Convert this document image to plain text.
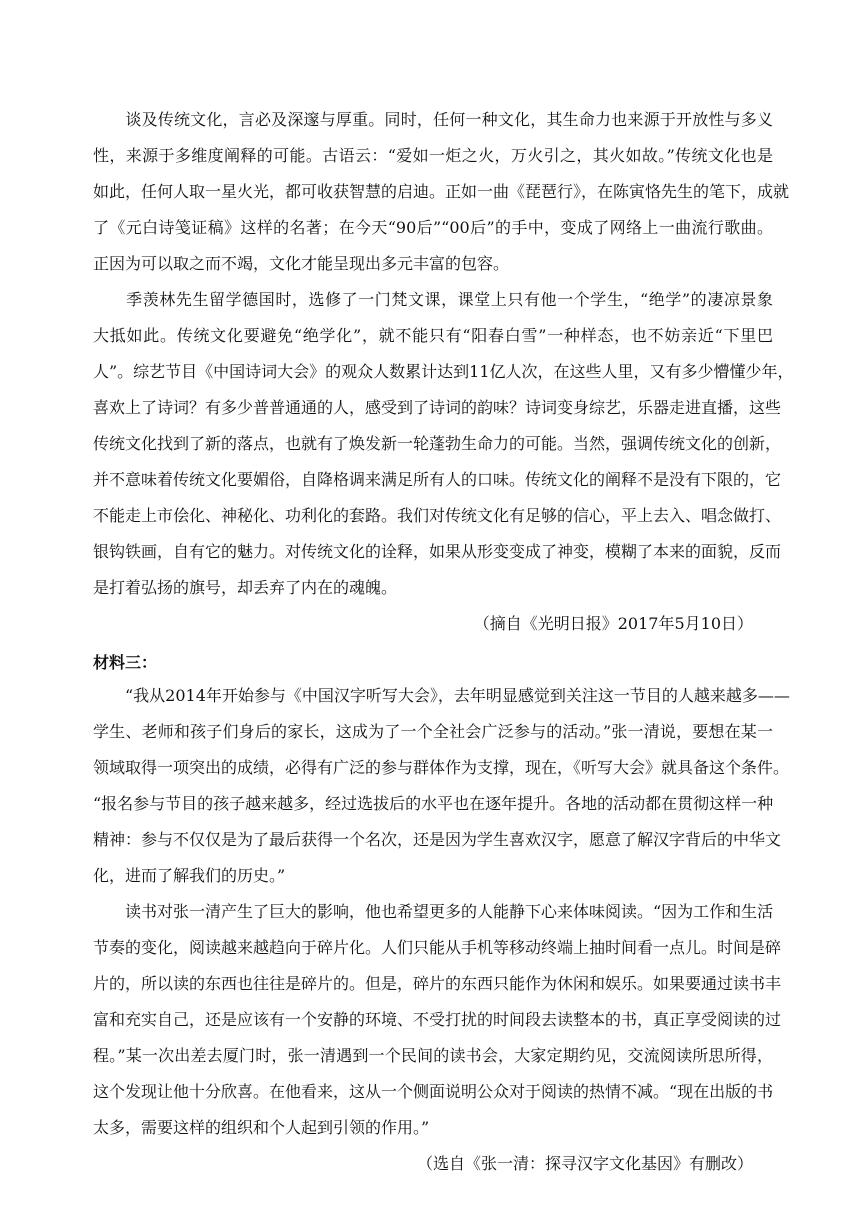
　　谈及传统文化，言必及深邃与厚重。同时，任何一种文化，其生命力也来源于开放性与多义
性，来源于多维度阐释的可能。古语云：“爱如一炬之火，万火引之，其火如故。”传统文化也是
如此，任何人取一星火光，都可收获智慧的启迪。正如一曲《琵琶行》，在陈寅恪先生的笔下，成就
了《元白诗笺证稿》这样的名著；在今天“90后”“00后”的手中，变成了网络上一曲流行歌曲。
正因为可以取之而不竭，文化才能呈现出多元丰富的包容。
　　季羡林先生留学德国时，选修了一门梵文课，课堂上只有他一个学生，“绝学”的凄凉景象
大抵如此。传统文化要避免“绝学化”，就不能只有“阳春白雪”一种样态，也不妨亲近“下里巴
人”。综艺节目《中国诗词大会》的观众人数累计达到11亿人次，在这些人里，又有多少懵懂少年，
喜欢上了诗词？有多少普普通通的人，感受到了诗词的韵味？诗词变身综艺，乐器走进直播，这些
传统文化找到了新的落点，也就有了焕发新一轮蓬勃生命力的可能。当然，强调传统文化的创新，
并不意味着传统文化要媚俗，自降格调来满足所有人的口味。传统文化的阐释不是没有下限的，它
不能走上市侩化、神秘化、功利化的套路。我们对传统文化有足够的信心，平上去入、唱念做打、
银钩铁画，自有它的魅力。对传统文化的诠释，如果从形变变成了神变，模糊了本来的面貌，反而
是打着弘扬的旗号，却丢弃了内在的魂魄。
（摘自《光明日报》2017年5月10日）
材料三：
　　“我从2014年开始参与《中国汉字听写大会》，去年明显感觉到关注这一节目的人越来越多——
学生、老师和孩子们身后的家长，这成为了一个全社会广泛参与的活动。”张一清说，要想在某一
领域取得一项突出的成绩，必得有广泛的参与群体作为支撑，现在，《听写大会》就具备这个条件。
“报名参与节目的孩子越来越多，经过选拔后的水平也在逐年提升。各地的活动都在贯彻这样一种
精神：参与不仅仅是为了最后获得一个名次，还是因为学生喜欢汉字，愿意了解汉字背后的中华文
化，进而了解我们的历史。”
　　读书对张一清产生了巨大的影响，他也希望更多的人能静下心来体味阅读。“因为工作和生活
节奏的变化，阅读越来越趋向于碎片化。人们只能从手机等移动终端上抽时间看一点儿。时间是碎
片的，所以读的东西也往往是碎片的。但是，碎片的东西只能作为休闲和娱乐。如果要通过读书丰
富和充实自己，还是应该有一个安静的环境、不受打扰的时间段去读整本的书，真正享受阅读的过
程。”某一次出差去厦门时，张一清遇到一个民间的读书会，大家定期约见，交流阅读所思所得，
这个发现让他十分欣喜。在他看来，这从一个侧面说明公众对于阅读的热情不减。“现在出版的书
太多，需要这样的组织和个人起到引领的作用。”
（选自《张一清：探寻汉字文化基因》有删改）
